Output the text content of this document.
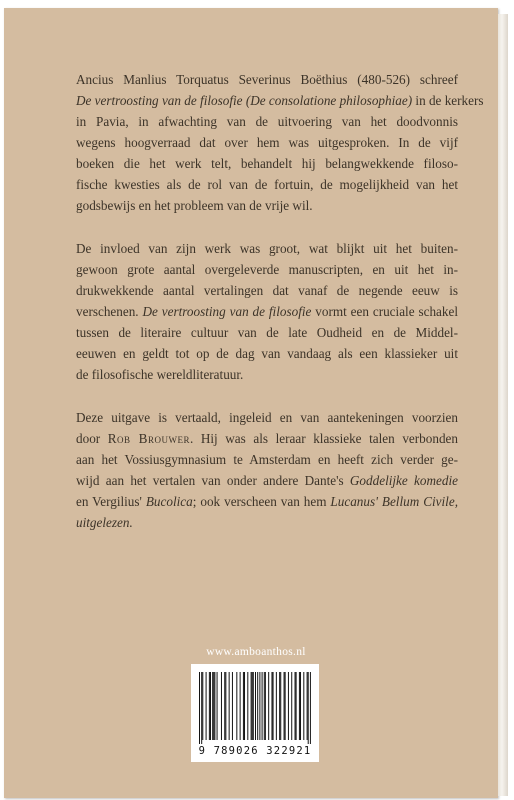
Ancius Manlius Torquatus Severinus Boëthius (480-526) schreef
De vertroosting van de filosofie (De consolatione philosophiae) in de kerkers
in Pavia, in afwachting van de uitvoering van het doodvonnis
wegens hoogverraad dat over hem was uitgesproken. In de vijf
boeken die het werk telt, behandelt hij belangwekkende filoso-
fische kwesties als de rol van de fortuin, de mogelijkheid van het
godsbewijs en het probleem van de vrije wil.

De invloed van zijn werk was groot, wat blijkt uit het buiten-
gewoon grote aantal overgeleverde manuscripten, en uit het in-
drukwekkende aantal vertalingen dat vanaf de negende eeuw is
verschenen. De vertroosting van de filosofie vormt een cruciale schakel
tussen de literaire cultuur van de late Oudheid en de Middel-
eeuwen en geldt tot op de dag van vandaag als een klassieker uit
de filosofische wereldliteratuur.

Deze uitgave is vertaald, ingeleid en van aantekeningen voorzien
door Rob Brouwer. Hij was als leraar klassieke talen verbonden
aan het Vossiusgymnasium te Amsterdam en heeft zich verder ge-
wijd aan het vertalen van onder andere Dante's Goddelijke komedie
en Vergilius' Bucolica; ook verscheen van hem Lucanus' Bellum Civile,
uitgelezen.

www.amboanthos.nl
9 789026 322921
